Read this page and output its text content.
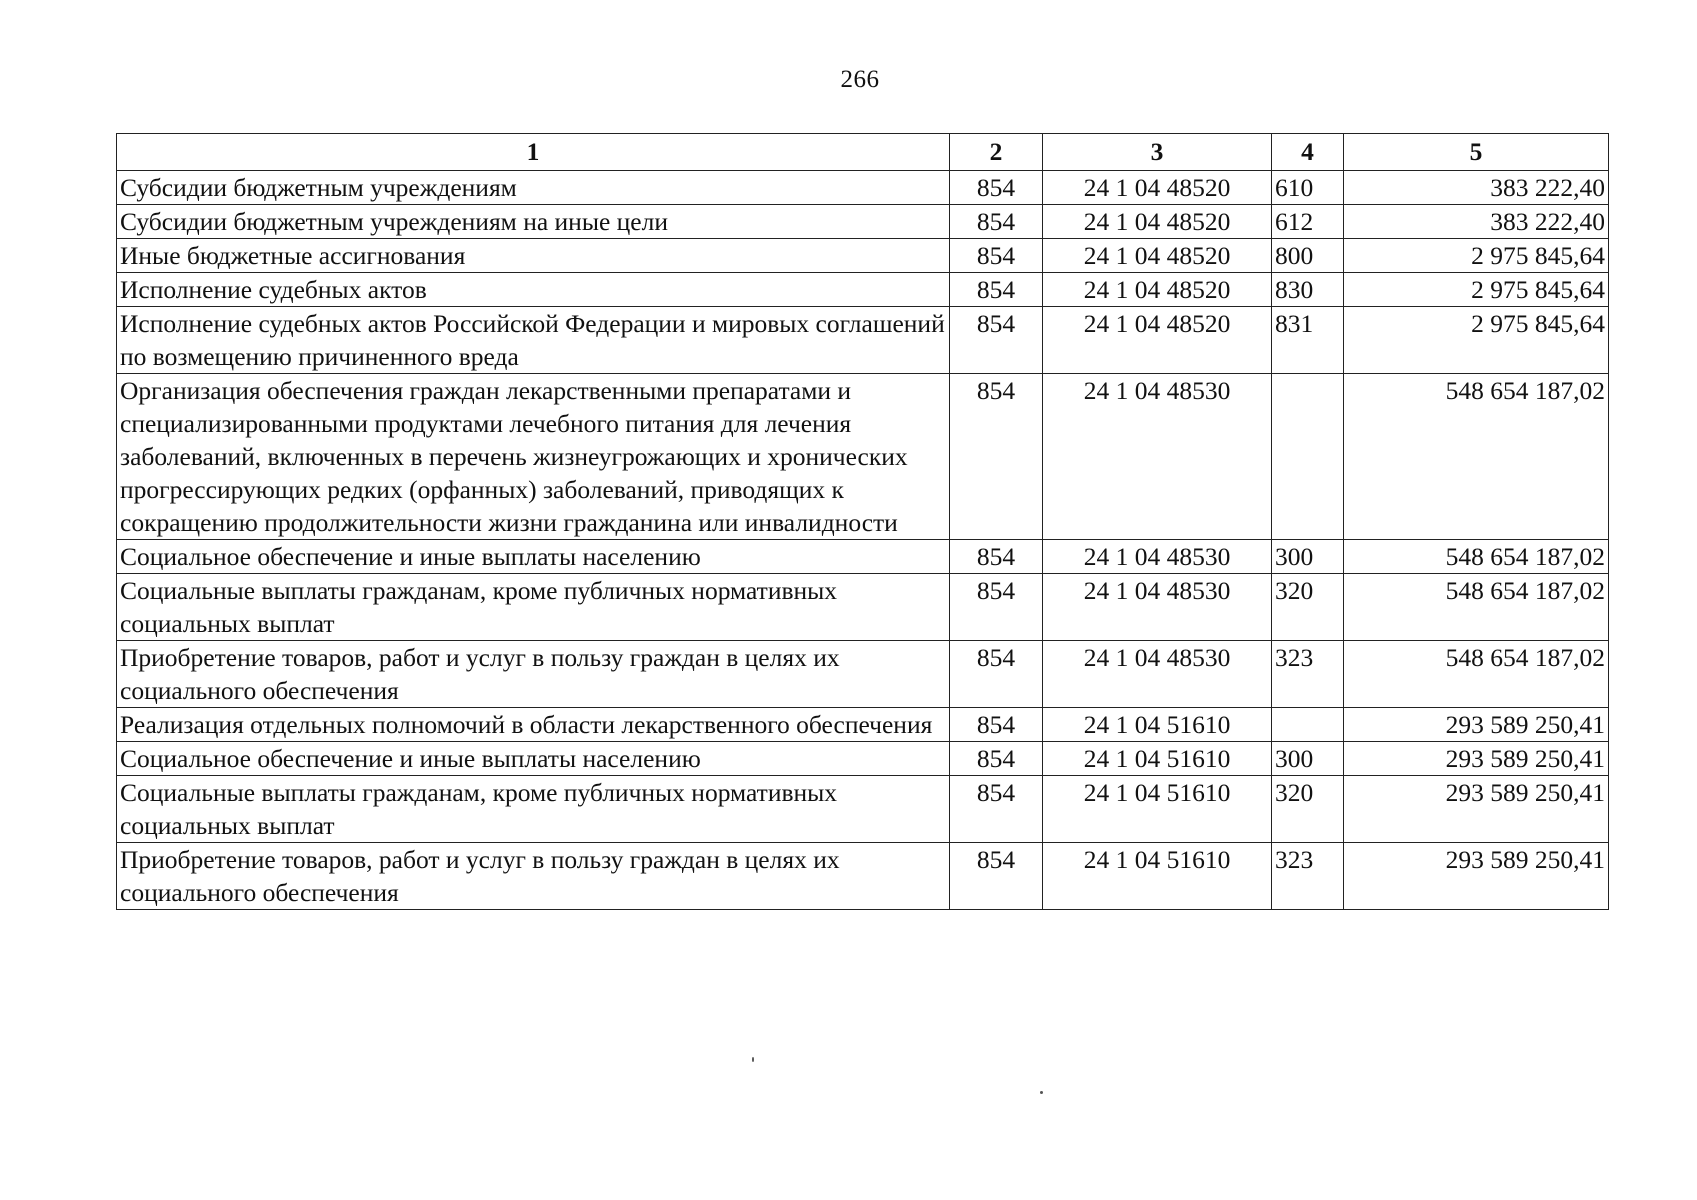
266
1	2	3	4	5
Субсидии бюджетным учреждениям	854	24 1 04 48520	610	383 222,40
Субсидии бюджетным учреждениям на иные цели	854	24 1 04 48520	612	383 222,40
Иные бюджетные ассигнования	854	24 1 04 48520	800	2 975 845,64
Исполнение судебных актов	854	24 1 04 48520	830	2 975 845,64
Исполнение судебных актов Российской Федерации и мировых соглашений по возмещению причиненного вреда	854	24 1 04 48520	831	2 975 845,64
Организация обеспечения граждан лекарственными препаратами и специализированными продуктами лечебного питания для лечения заболеваний, включенных в перечень жизнеугрожающих и хронических прогрессирующих редких (орфанных) заболеваний, приводящих к сокращению продолжительности жизни гражданина или инвалидности	854	24 1 04 48530		548 654 187,02
Социальное обеспечение и иные выплаты населению	854	24 1 04 48530	300	548 654 187,02
Социальные выплаты гражданам, кроме публичных нормативных социальных выплат	854	24 1 04 48530	320	548 654 187,02
Приобретение товаров, работ и услуг в пользу граждан в целях их социального обеспечения	854	24 1 04 48530	323	548 654 187,02
Реализация отдельных полномочий в области лекарственного обеспечения	854	24 1 04 51610		293 589 250,41
Социальное обеспечение и иные выплаты населению	854	24 1 04 51610	300	293 589 250,41
Социальные выплаты гражданам, кроме публичных нормативных социальных выплат	854	24 1 04 51610	320	293 589 250,41
Приобретение товаров, работ и услуг в пользу граждан в целях их социального обеспечения	854	24 1 04 51610	323	293 589 250,41
